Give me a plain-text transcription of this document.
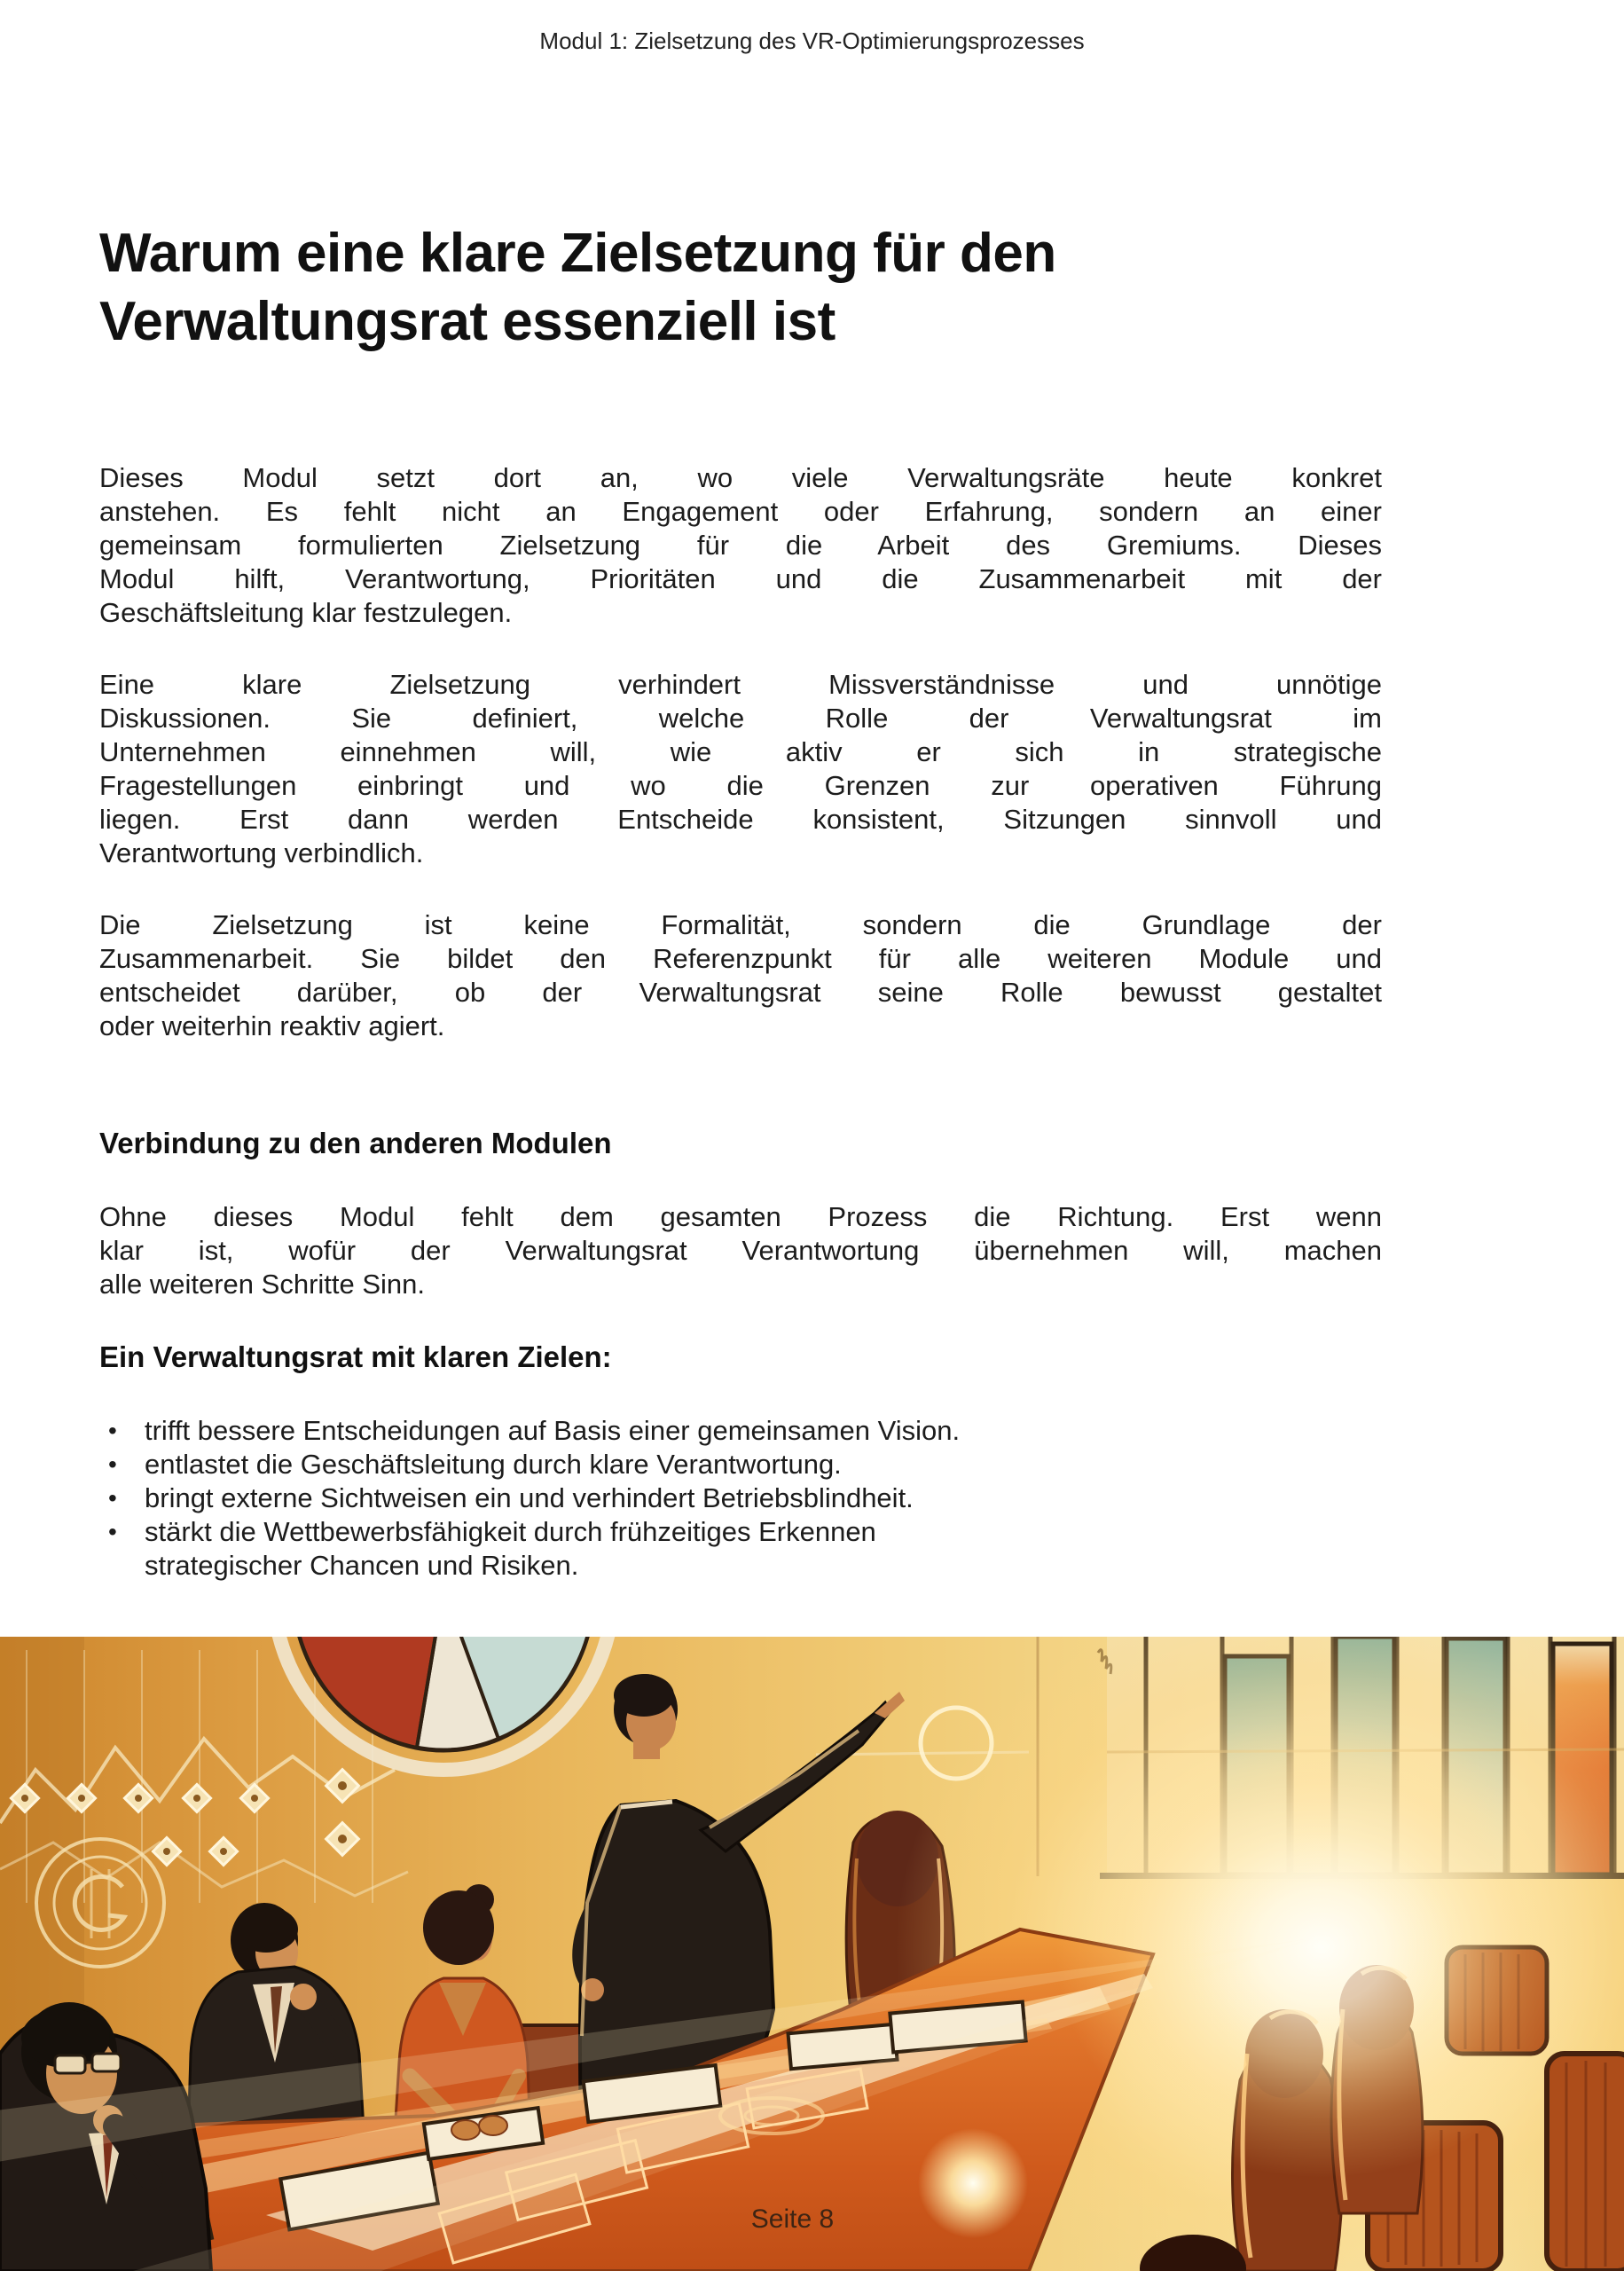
Modul 1: Zielsetzung des VR-Optimierungsprozesses
Warum eine klare Zielsetzung für den
Verwaltungsrat essenziell ist
Dieses Modul setzt dort an, wo viele Verwaltungsräte heute konkret
anstehen. Es fehlt nicht an Engagement oder Erfahrung, sondern an einer
gemeinsam formulierten Zielsetzung für die Arbeit des Gremiums. Dieses
Modul hilft, Verantwortung, Prioritäten und die Zusammenarbeit mit der
Geschäftsleitung klar festzulegen.
Eine klare Zielsetzung verhindert Missverständnisse und unnötige
Diskussionen. Sie definiert, welche Rolle der Verwaltungsrat im
Unternehmen einnehmen will, wie aktiv er sich in strategische
Fragestellungen einbringt und wo die Grenzen zur operativen Führung
liegen. Erst dann werden Entscheide konsistent, Sitzungen sinnvoll und
Verantwortung verbindlich.
Die Zielsetzung ist keine Formalität, sondern die Grundlage der
Zusammenarbeit. Sie bildet den Referenzpunkt für alle weiteren Module und
entscheidet darüber, ob der Verwaltungsrat seine Rolle bewusst gestaltet
oder weiterhin reaktiv agiert.
Verbindung zu den anderen Modulen
Ohne dieses Modul fehlt dem gesamten Prozess die Richtung. Erst wenn
klar ist, wofür der Verwaltungsrat Verantwortung übernehmen will, machen
alle weiteren Schritte Sinn.
Ein Verwaltungsrat mit klaren Zielen:
• trifft bessere Entscheidungen auf Basis einer gemeinsamen Vision.
• entlastet die Geschäftsleitung durch klare Verantwortung.
• bringt externe Sichtweisen ein und verhindert Betriebsblindheit.
• stärkt die Wettbewerbsfähigkeit durch frühzeitiges Erkennen
strategischer Chancen und Risiken.
Seite 8
